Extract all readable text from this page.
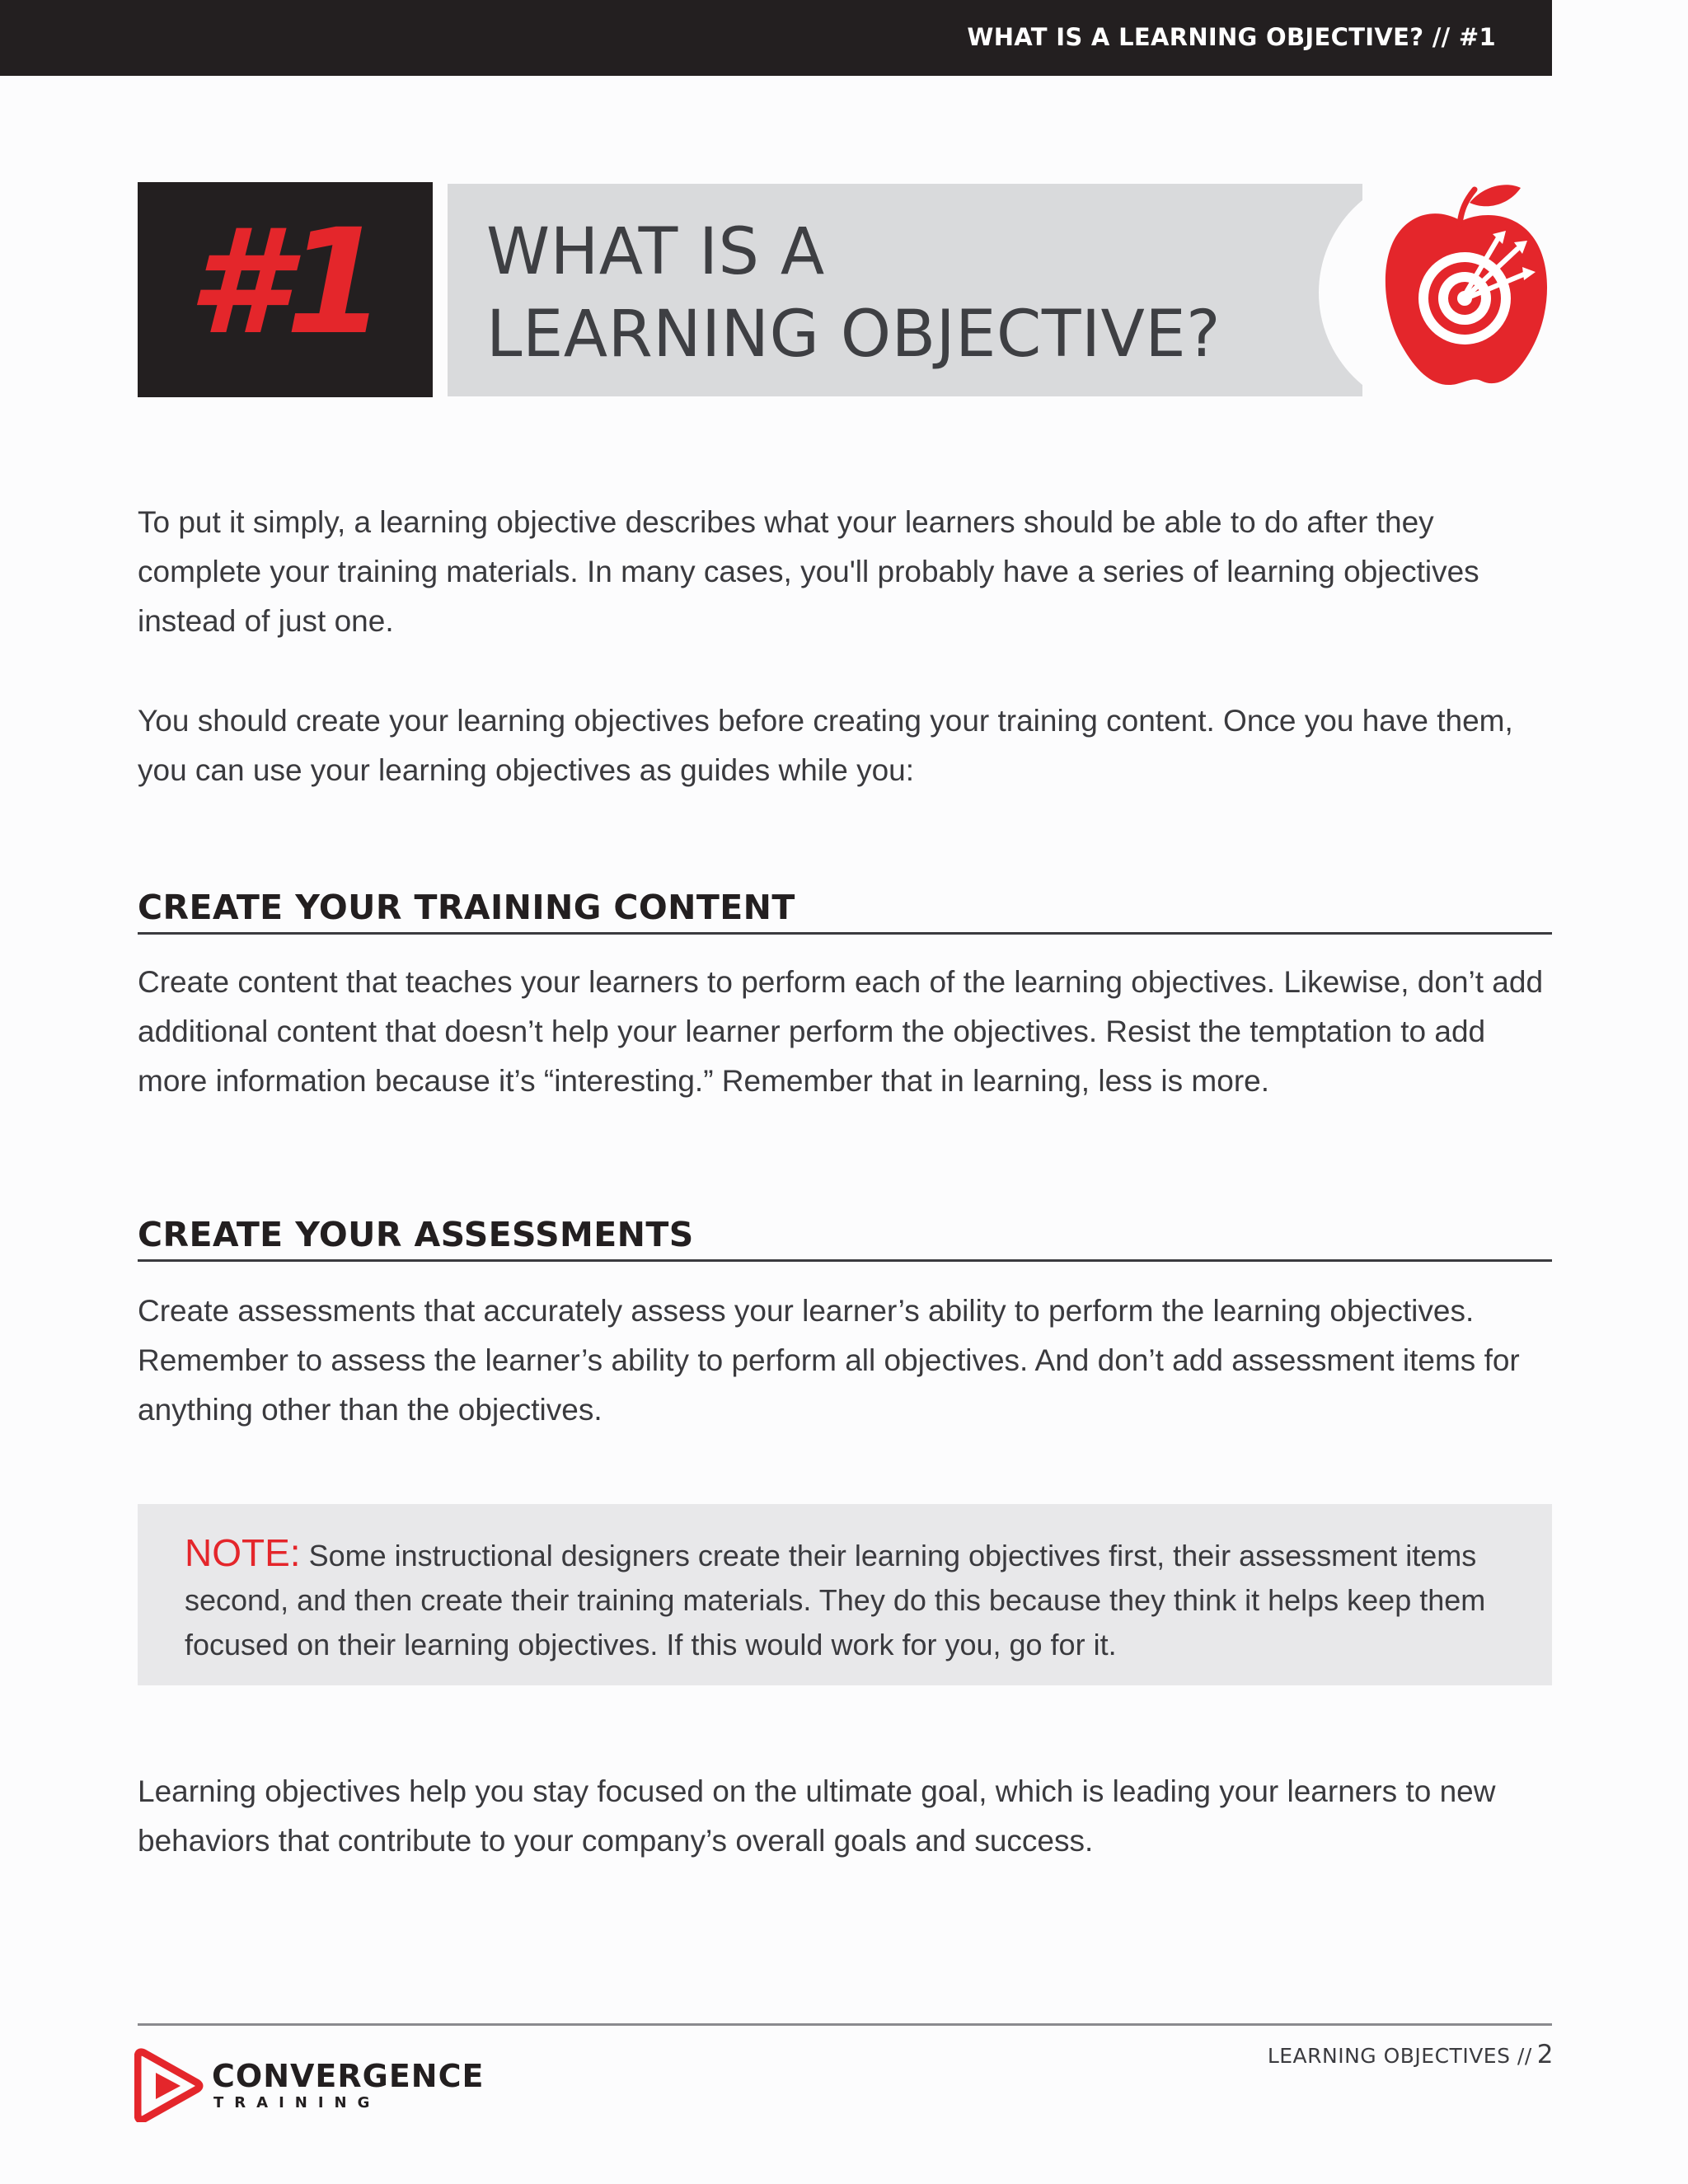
WHAT IS A LEARNING OBJECTIVE? // #1
#1	WHAT IS A
LEARNING OBJECTIVE?
To put it simply, a learning objective describes what your learners should be able to do after they complete your training materials. In many cases, you'll probably have a series of learning objectives instead of just one.
You should create your learning objectives before creating your training content. Once you have them, you can use your learning objectives as guides while you:
CREATE YOUR TRAINING CONTENT
Create content that teaches your learners to perform each of the learning objectives. Likewise, don’t add additional content that doesn’t help your learner perform the objectives. Resist the temptation to add more information because it’s “interesting.” Remember that in learning, less is more.
CREATE YOUR ASSESSMENTS
Create assessments that accurately assess your learner’s ability to perform the learning objectives. Remember to assess the learner’s ability to perform all objectives. And don’t add assessment items for anything other than the objectives.
NOTE: Some instructional designers create their learning objectives first, their assessment items second, and then create their training materials. They do this because they think it helps keep them focused on their learning objectives. If this would work for you, go for it.
Learning objectives help you stay focused on the ultimate goal, which is leading your learners to new behaviors that contribute to your company’s overall goals and success.
CONVERGENCE
TRAINING
LEARNING OBJECTIVES // 2
